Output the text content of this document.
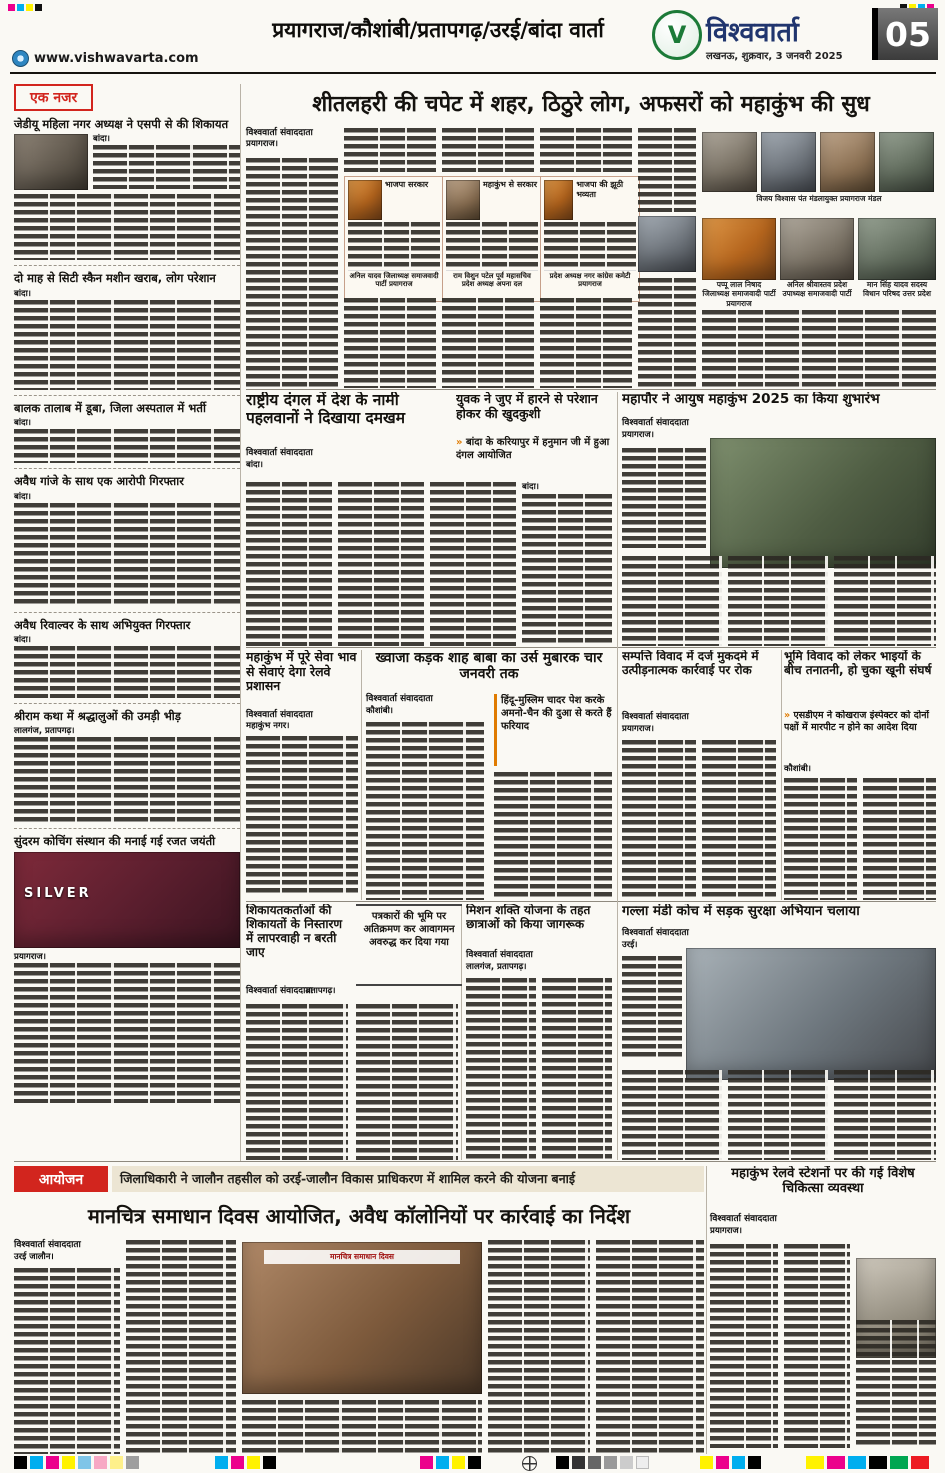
प्रयागराज/कौशांबी/प्रतापगढ़/उरई/बांदा वार्ता	V विश्ववार्ता
लखनऊ, शुक्रवार, 3 जनवरी 2025
05
www.vishwavarta.com
एक नजर
जेडीयू महिला नगर अध्यक्ष ने एसपी से की शिकायत
बांदा।
दो माह से सिटी स्कैन मशीन खराब, लोग परेशान
बांदा।
बालक तालाब में डूबा, जिला अस्पताल में भर्ती
बांदा।
अवैध गांजे के साथ एक आरोपी गिरफ्तार
बांदा।
अवैध रिवाल्वर के साथ अभियुक्त गिरफ्तार
बांदा।
श्रीराम कथा में श्रद्धालुओं की उमड़ी भीड़
लालगंज, प्रतापगढ़।
सुंदरम कोचिंग संस्थान की मनाई गई रजत जयंती
SILVER
प्रयागराज।
शीतलहरी की चपेट में शहर, ठिठुरे लोग, अफसरों को महाकुंभ की सुध
विश्ववार्ता संवाददाता
प्रयागराज।
भाजपा सरकार
अनिल यादव जिलाध्यक्ष समाजवादी पार्टी प्रयागराज
महाकुंभ से सरकार
राम विशुन पटेल पूर्व महासचिव प्रदेश अध्यक्ष अपना दल
भाजपा की झूठी भव्यता
प्रदेश अध्यक्ष नगर कांग्रेस कमेटी प्रयागराज
विजय विश्वास पंत मंडलायुक्त प्रयागराज मंडल
पप्पू लाल निषाद जिलाध्यक्ष समाजवादी पार्टी प्रयागराज
अनिल श्रीवास्तव प्रदेश उपाध्यक्ष समाजवादी पार्टी
मान सिंह यादव सदस्य विधान परिषद उत्तर प्रदेश
राष्ट्रीय दंगल में देश के नामी पहलवानों ने दिखाया दमखम
युवक ने जुए में हारने से परेशान होकर की खुदकुशी
» बांदा के करियापुर में हनुमान जी में हुआ दंगल आयोजित
विश्ववार्ता संवाददाता
बांदा।
बांदा।
महापौर ने आयुष महाकुंभ 2025 का किया शुभारंभ
विश्ववार्ता संवाददाता
प्रयागराज।
महाकुंभ में पूरे सेवा भाव से सेवाएं देगा रेलवे प्रशासन
विश्ववार्ता संवाददाता
महाकुंभ नगर।
ख्वाजा कड़क शाह बाबा का उर्स मुबारक चार जनवरी तक
विश्ववार्ता संवाददाता
कौशांबी।
हिंदू-मुस्लिम चादर पेश करके अमनो-चैन की दुआ से करते हैं फरियाद
सम्पत्ति विवाद में दर्ज मुकदमे में उत्पीड़नात्मक कार्रवाई पर रोक
विश्ववार्ता संवाददाता
प्रयागराज।
भूमि विवाद को लेकर भाइयों के बीच तनातनी, हो चुका खूनी संघर्ष
» एसडीएम ने कोखराज इंस्पेक्टर को दोनों पक्षों में मारपीट न होने का आदेश दिया
कौशांबी।
शिकायतकर्ताओं की शिकायतों के निस्तारण में लापरवाही न बरती जाए
पत्रकारों की भूमि पर अतिक्रमण कर आवागमन अवरुद्ध कर दिया गया
विश्ववार्ता संवाददाता
प्रतापगढ़।
मिशन शक्ति योजना के तहत छात्राओं को किया जागरूक
विश्ववार्ता संवाददाता
लालगंज, प्रतापगढ़।
गल्ला मंडी कोच में सड़क सुरक्षा अभियान चलाया
विश्ववार्ता संवाददाता
उरई।
आयोजन	जिलाधिकारी ने जालौन तहसील को उरई-जालौन विकास प्राधिकरण में शामिल करने की योजना बनाई
मानचित्र समाधान दिवस आयोजित, अवैध कॉलोनियों पर कार्रवाई का निर्देश
विश्ववार्ता संवाददाता
उरई जालौन।	मानचित्र समाधान दिवस
महाकुंभ रेलवे स्टेशनों पर की गई विशेष चिकित्सा व्यवस्था
विश्ववार्ता संवाददाता
प्रयागराज।
